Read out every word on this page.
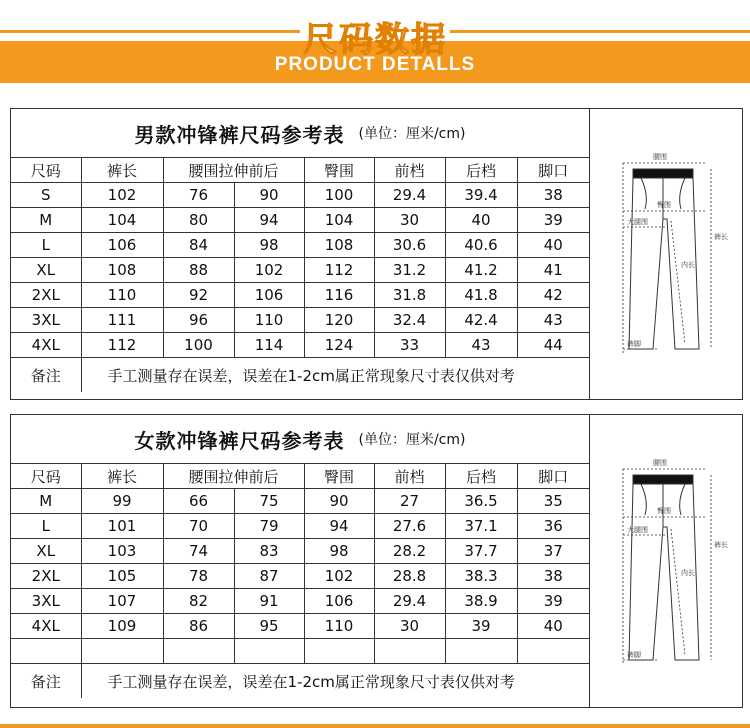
尺码数据
PRODUCT DETALLS
男款冲锋裤尺码参考表 (单位：厘米/cm)
尺码	裤长	腰围拉伸前后		臀围	前档	后档	脚口
S	102	76	90	100	29.4	39.4	38
M	104	80	94	104	30	40	39
L	106	84	98	108	30.6	40.6	40
XL	108	88	102	112	31.2	41.2	41
2XL	110	92	106	116	31.8	41.8	42
3XL	111	96	110	120	32.4	42.4	43
4XL	112	100	114	124	33	43	44
备注	手工测量存在误差，误差在1-2cm属正常现象尺寸表仅供对考						
腰围
臀围
大腿围
裤长
内长
裤脚
女款冲锋裤尺码参考表 (单位：厘米/cm)
尺码	裤长	腰围拉伸前后		臀围	前档	后档	脚口
M	99	66	75	90	27	36.5	35
L	101	70	79	94	27.6	37.1	36
XL	103	74	83	98	28.2	37.7	37
2XL	105	78	87	102	28.8	38.3	38
3XL	107	82	91	106	29.4	38.9	39
4XL	109	86	95	110	30	39	40

备注	手工测量存在误差，误差在1-2cm属正常现象尺寸表仅供对考						
腰围
臀围
大腿围
裤长
内长
裤脚
